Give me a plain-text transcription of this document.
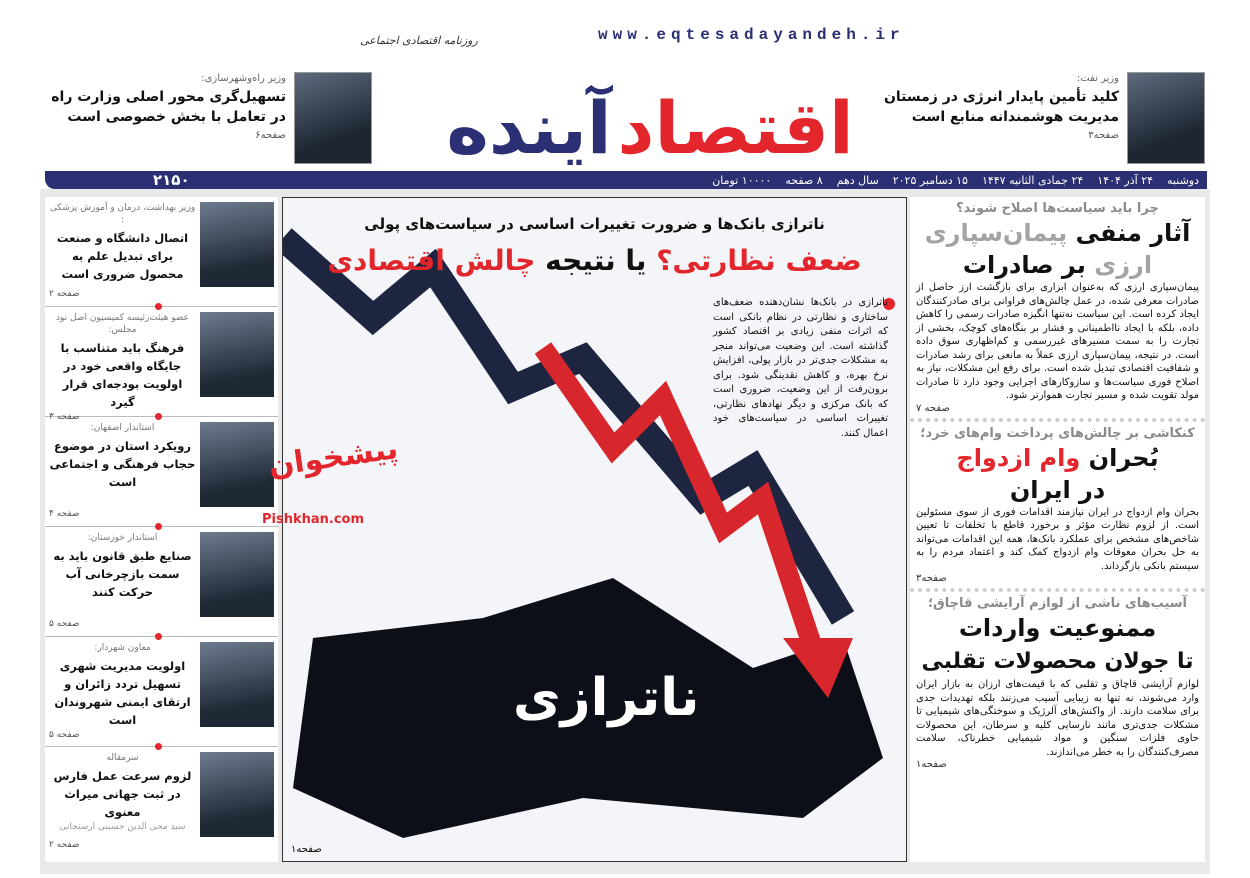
روزنامه اقتصادی اجتماعی	www.eqtesadayandeh.ir
اقتصاد
آینده
وزیر نفت:
کلید تأمین پایدار انرژی در زمستان مدیریت هوشمندانه منابع است
صفحه۳
وزیر راه‌وشهرسازی:
تسهیل‌گری محور اصلی وزارت راه در تعامل با بخش خصوصی است
صفحه۶
دوشنبه
۲۴ آذر ۱۴۰۴
۲۴ جمادی الثانیه ۱۴۴۷
۱۵ دسامبر ۲۰۲۵
سال دهم
۸ صفحه
۱۰۰۰۰ تومان
۲۱۵۰
وزیر بهداشت، درمان و آموزش پزشکی :
اتصال دانشگاه و صنعت برای تبدیل علم به محصول ضروری است
صفحه ۲
عضو هیئت‌رئیسه کمیسیون اصل نود مجلس:
فرهنگ باید متناسب با جایگاه واقعی خود در اولویت بودجه‌ای قرار گیرد
صفحه ۳
استاندار اصفهان:
رویکرد استان در موضوع حجاب فرهنگی و اجتماعی است
صفحه ۴
استاندار خوزستان:
صنایع طبق قانون باید به سمت بازچرخانی آب حرکت کنند
صفحه ۵
معاون شهردار:
اولویت مدیریت شهری تسهیل تردد زائران و ارتقای ایمنی شهروندان است
صفحه ۵
سرمقاله
لزوم سرعت عمل فارس در ثبت جهانی میراث معنوی
سید محی الدین حسینی ارسنجانی
صفحه ۲
ناترازی بانک‌ها و ضرورت تغییرات اساسی در سیاست‌های پولی
ضعف نظارتی؟ یا نتیجه چالش اقتصادی
ناترازی در بانک‌ها نشان‌دهنده ضعف‌های ساختاری و نظارتی در نظام بانکی است که اثرات منفی زیادی بر اقتصاد کشور گذاشته است. این وضعیت می‌تواند منجر به مشکلات جدی‌تر در بازار پولی، افزایش نرخ بهره، و کاهش نقدینگی شود. برای برون‌رفت از این وضعیت، ضروری است که بانک مرکزی و دیگر نهادهای نظارتی، تغییرات اساسی در سیاست‌های خود اعمال کنند.
ناترازی
صفحه۱
پیشخوان
Pishkhan.com
چرا باید سیاست‌ها اصلاح شوند؟
آثار منفی پیمان‌سپاری
ارزی بر صادرات
پیمان‌سپاری ارزی که به‌عنوان ابزاری برای بازگشت ارز حاصل از صادرات معرفی شده، در عمل چالش‌های فراوانی برای صادرکنندگان ایجاد کرده است. این سیاست نه‌تنها انگیزه صادرات رسمی را کاهش داده، بلکه با ایجاد نااطمینانی و فشار بر بنگاه‌های کوچک، بخشی از تجارت را به سمت مسیرهای غیررسمی و کم‌اظهاری سوق داده است. در نتیجه، پیمان‌سپاری ارزی عملاً به مانعی برای رشد صادرات و شفافیت اقتصادی تبدیل شده است. برای رفع این مشکلات، نیاز به اصلاح فوری سیاست‌ها و سازوکارهای اجرایی وجود دارد تا صادرات مولد تقویت شده و مسیر تجارت هموارتر شود.
صفحه ۷
کنکاشی بر چالش‌های پرداخت وام‌های خرد؛
بُحران وام ازدواج
در ایران
بحران وام ازدواج در ایران نیازمند اقدامات فوری از سوی مسئولین است. از لزوم نظارت مؤثر و برخورد قاطع با تخلفات تا تعیین شاخص‌های مشخص برای عملکرد بانک‌ها، همه این اقدامات می‌تواند به حل بحران معوقات وام ازدواج کمک کند و اعتماد مردم را به سیستم بانکی بازگرداند.
صفحه۳
آسیب‌های ناشی از لوازم آرایشی قاچاق؛
ممنوعیت واردات
تا جولان محصولات تقلبی
لوازم آرایشی قاچاق و تقلبی که با قیمت‌های ارزان به بازار ایران وارد می‌شوند، نه تنها به زیبایی آسیب می‌زنند بلکه تهدیدات جدی برای سلامت دارند. از واکنش‌های آلرژیک و سوختگی‌های شیمیایی تا مشکلات جدی‌تری مانند نارسایی کلیه و سرطان، این محصولات حاوی فلزات سنگین و مواد شیمیایی خطرناک، سلامت مصرف‌کنندگان را به خطر می‌اندازند.
صفحه۱
